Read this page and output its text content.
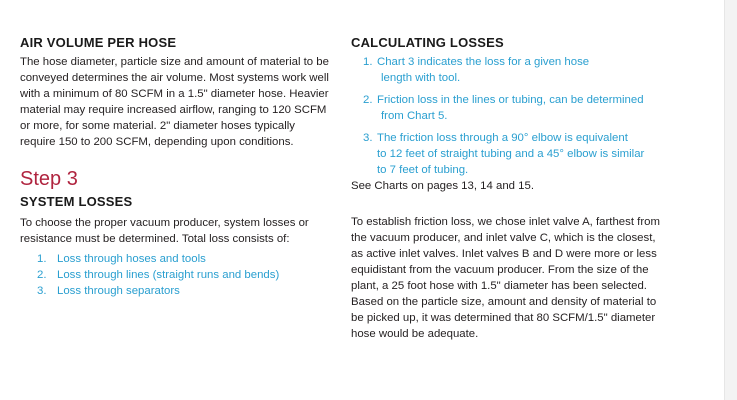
AIR VOLUME PER HOSE

The hose diameter, particle size and amount of material to be

conveyed determines the air volume. Most systems work well

with a minimum of 80 SCFM in a 1.5" diameter hose. Heavier

material may require increased airflow, ranging to 120 SCFM

or more, for some material. 2" diameter hoses typically

require 150 to 200 SCFM, depending upon conditions.

Step 3
SYSTEM LOSSES

To choose the proper vacuum producer, system losses or

resistance must be determined. Total loss consists of:

1. Loss through hoses and tools
2. Loss through lines (straight runs and bends)
3. Loss through separators
CALCULATING LOSSES
1. Chart 3 indicates the loss for a given hose

length with tool.

2. Friction loss in the lines or tubing, can be determined

from Chart 5.

3. The friction loss through a 90° elbow is equivalent

to 12 feet of straight tubing and a 45° elbow is similar

to 7 feet of tubing.

See Charts on pages 13, 14 and 15.

To establish friction loss, we chose inlet valve A, farthest from

the vacuum producer, and inlet valve C, which is the closest,

as active inlet valves. Inlet valves B and D were more or less

equidistant from the vacuum producer. From the size of the

plant, a 25 foot hose with 1.5" diameter has been selected.

Based on the particle size, amount and density of material to

be picked up, it was determined that 80 SCFM/1.5" diameter

hose would be adequate.
